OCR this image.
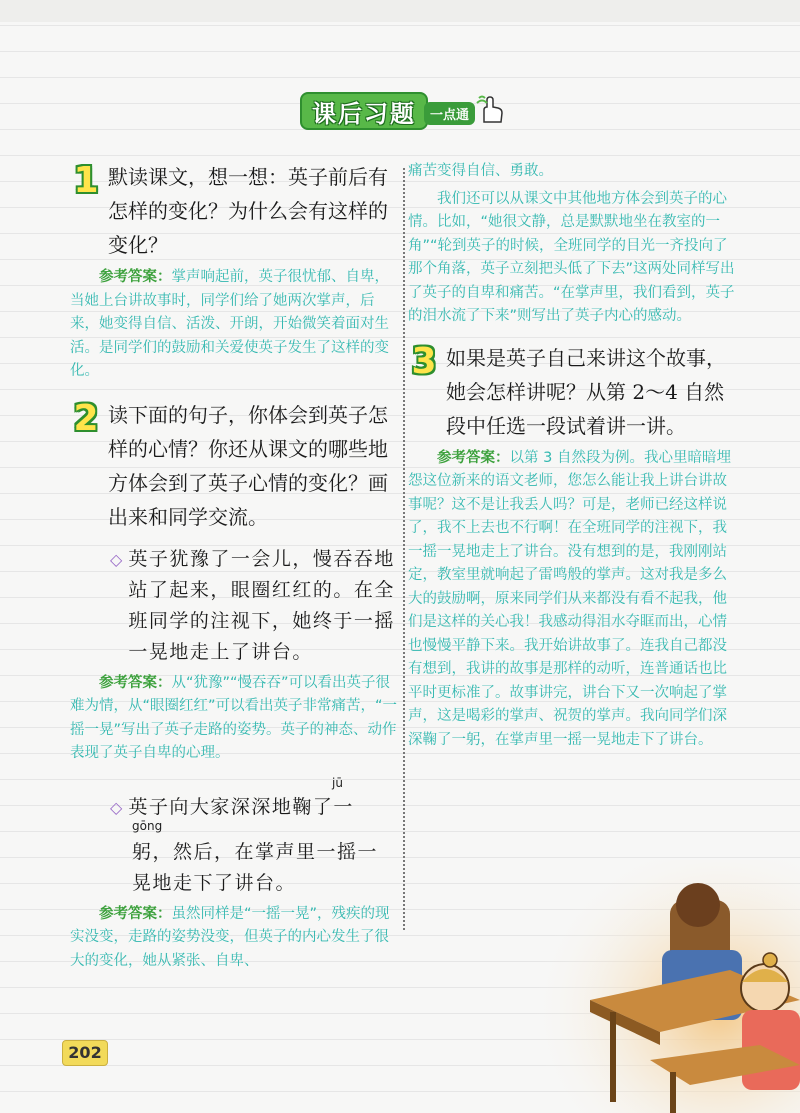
课后习题	一点通
1 默读课文，想一想：英子前后有怎样的变化？为什么会有这样的变化？

参考答案：掌声响起前，英子很忧郁、自卑，当她上台讲故事时，同学们给了她两次掌声，后来，她变得自信、活泼、开朗，开始微笑着面对生活。是同学们的鼓励和关爱使英子发生了这样的变化。

2 读下面的句子，你体会到英子怎样的心情？你还从课文的哪些地方体会到了英子心情的变化？画出来和同学交流。
◇ 英子犹豫了一会儿，慢吞吞地站了起来，眼圈红红的。在全班同学的注视下，她终于一摇一晃地走上了讲台。

参考答案：从“犹豫”“慢吞吞”可以看出英子很难为情，从“眼圈红红”可以看出英子非常痛苦，“一摇一晃”写出了英子走路的姿势。英子的神态、动作表现了英子自卑的心理。

jū
◇ 英子向大家深深地鞠了一
gōng
躬，然后，在掌声里一摇一晃地走下了讲台。

参考答案：虽然同样是“一摇一晃”，残疾的现实没变，走路的姿势没变，但英子的内心发生了很大的变化，她从紧张、自卑、

痛苦变得自信、勇敢。

我们还可以从课文中其他地方体会到英子的心情。比如，“她很文静，总是默默地坐在教室的一角”“轮到英子的时候，全班同学的目光一齐投向了那个角落，英子立刻把头低了下去”这两处同样写出了英子的自卑和痛苦。“在掌声里，我们看到，英子的泪水流了下来”则写出了英子内心的感动。

3 如果是英子自己来讲这个故事，她会怎样讲呢？从第 2～4 自然段中任选一段试着讲一讲。

参考答案：以第 3 自然段为例。我心里暗暗埋怨这位新来的语文老师，您怎么能让我上讲台讲故事呢？这不是让我丢人吗？可是，老师已经这样说了，我不上去也不行啊！在全班同学的注视下，我一摇一晃地走上了讲台。没有想到的是，我刚刚站定，教室里就响起了雷鸣般的掌声。这对我是多么大的鼓励啊，原来同学们从来都没有看不起我，他们是这样的关心我！我感动得泪水夺眶而出，心情也慢慢平静下来。我开始讲故事了。连我自己都没有想到，我讲的故事是那样的动听，连普通话也比平时更标准了。故事讲完，讲台下又一次响起了掌声，这是喝彩的掌声、祝贺的掌声。我向同学们深深鞠了一躬，在掌声里一摇一晃地走下了讲台。

202
